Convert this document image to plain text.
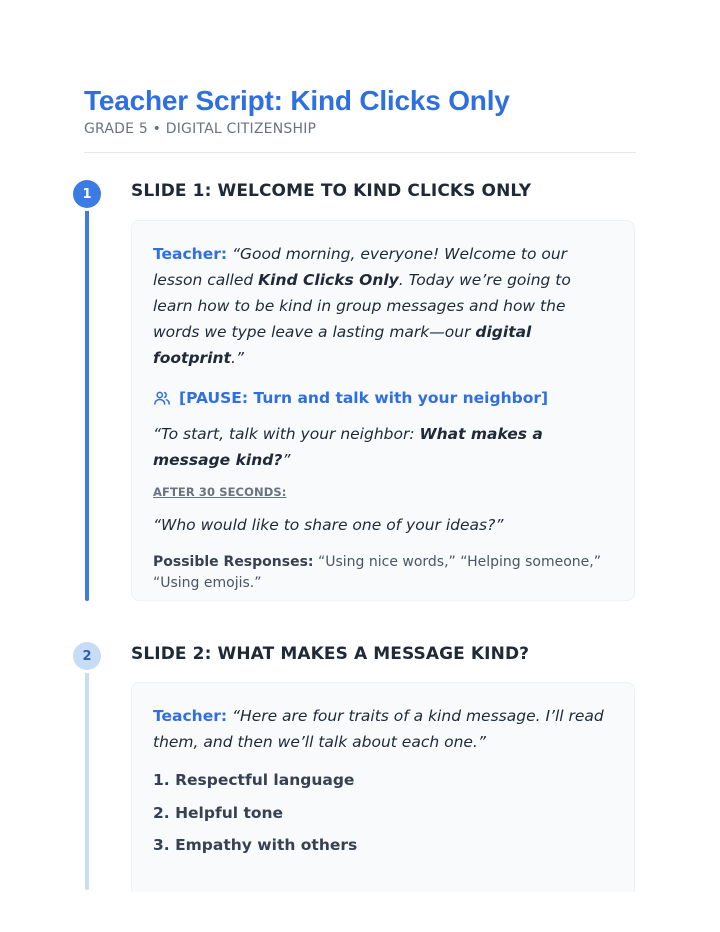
Teacher Script: Kind Clicks Only
GRADE 5 • DIGITAL CITIZENSHIP
1	SLIDE 1: WELCOME TO KIND CLICKS ONLY

Teacher: “Good morning, everyone! Welcome to our lesson called Kind Clicks Only. Today we’re going to learn how to be kind in group messages and how the words we type leave a lasting mark—our digital footprint.”

[PAUSE: Turn and talk with your neighbor]

“To start, talk with your neighbor: What makes a message kind?”

AFTER 30 SECONDS:

“Who would like to share one of your ideas?”

Possible Responses: “Using nice words,” “Helping someone,” “Using emojis.”
2	SLIDE 2: WHAT MAKES A MESSAGE KIND?

Teacher: “Here are four traits of a kind message. I’ll read them, and then we’ll talk about each one.”

1. Respectful language
2. Helpful tone
3. Empathy with others
